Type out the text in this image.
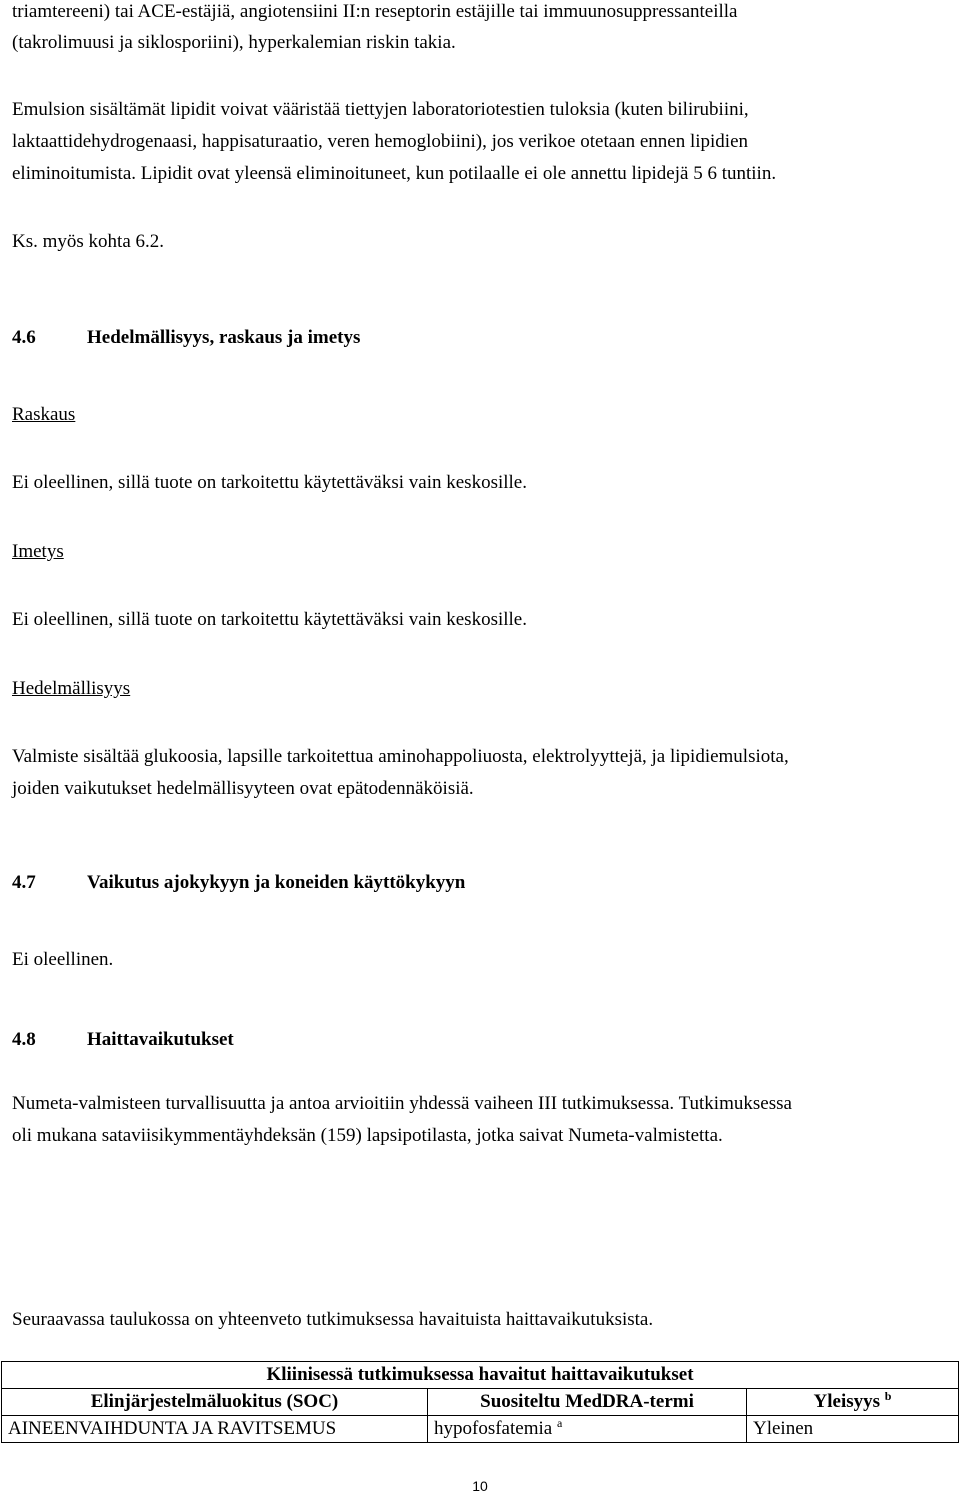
triamtereeni) tai ACE-estäjiä, angiotensiini II:n reseptorin estäjille tai immuunosuppressanteilla
(takrolimuusi ja siklosporiini), hyperkalemian riskin takia.
Emulsion sisältämät lipidit voivat vääristää tiettyjen laboratoriotestien tuloksia (kuten bilirubiini,
laktaattidehydrogenaasi, happisaturaatio, veren hemoglobiini), jos verikoe otetaan ennen lipidien
eliminoitumista. Lipidit ovat yleensä eliminoituneet, kun potilaalle ei ole annettu lipidejä 5 6 tuntiin.
Ks. myös kohta 6.2.
4.6	Hedelmällisyys, raskaus ja imetys
Raskaus
Ei oleellinen, sillä tuote on tarkoitettu käytettäväksi vain keskosille.
Imetys
Ei oleellinen, sillä tuote on tarkoitettu käytettäväksi vain keskosille.
Hedelmällisyys
Valmiste sisältää glukoosia, lapsille tarkoitettua aminohappoliuosta, elektrolyyttejä, ja lipidiemulsiota,
joiden vaikutukset hedelmällisyyteen ovat epätodennäköisiä.
4.7	Vaikutus ajokykyyn ja koneiden käyttökykyyn
Ei oleellinen.
4.8	Haittavaikutukset
Numeta-valmisteen turvallisuutta ja antoa arvioitiin yhdessä vaiheen III tutkimuksessa. Tutkimuksessa
oli mukana sataviisikymmentäyhdeksän (159) lapsipotilasta, jotka saivat Numeta-valmistetta.
Seuraavassa taulukossa on yhteenveto tutkimuksessa havaituista haittavaikutuksista.
Kliinisessä tutkimuksessa havaitut haittavaikutukset		
Elinjärjestelmäluokitus (SOC)	Suositeltu MedDRA-termi	Yleisyys $^b$
AINEENVAIHDUNTA JA RAVITSEMUS	hypofosfatemia $^a$	Yleinen
10
